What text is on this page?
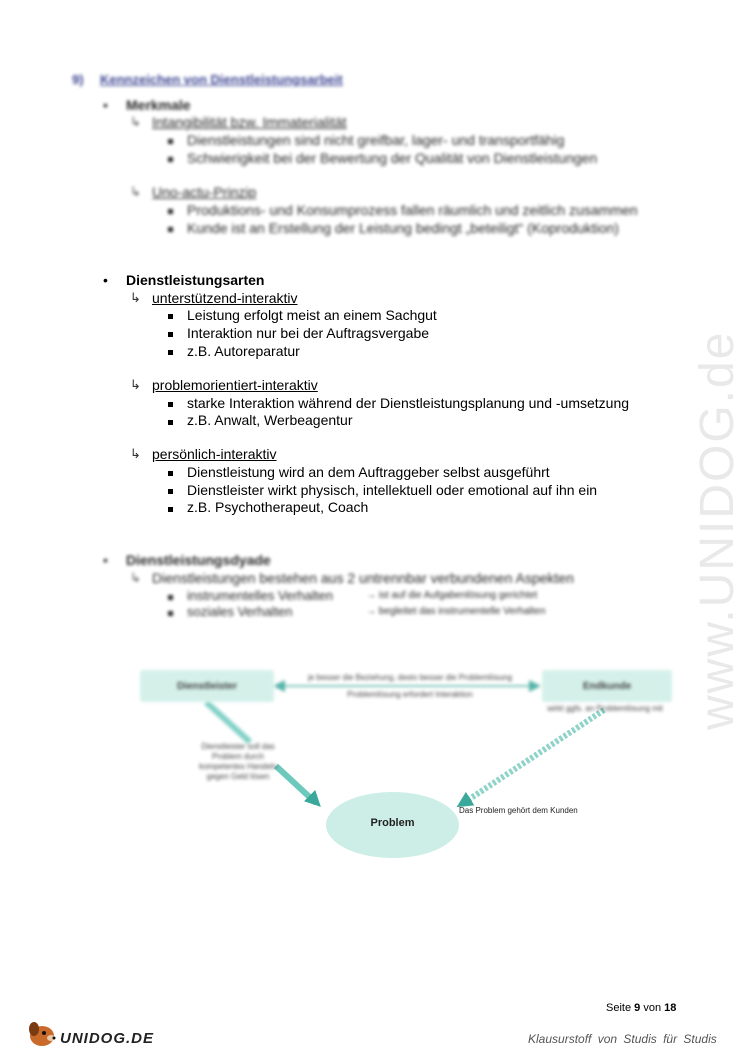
www.UNIDOG.de
9) Kennzeichen von Dienstleistungsarbeit
• Merkmale
↳ Intangibilität bzw. Immaterialität
Dienstleistungen sind nicht greifbar, lager- und transportfähig
Schwierigkeit bei der Bewertung der Qualität von Dienstleistungen
↳ Uno-actu-Prinzip
Produktions- und Konsumprozess fallen räumlich und zeitlich zusammen
Kunde ist an Erstellung der Leistung bedingt „beteiligt“ (Koproduktion)
• Dienstleistungsarten
↳ unterstützend-interaktiv
Leistung erfolgt meist an einem Sachgut
Interaktion nur bei der Auftragsvergabe
z.B. Autoreparatur
↳ problemorientiert-interaktiv
starke Interaktion während der Dienstleistungsplanung und -umsetzung
z.B. Anwalt, Werbeagentur
↳ persönlich-interaktiv
Dienstleistung wird an dem Auftraggeber selbst ausgeführt
Dienstleister wirkt physisch, intellektuell oder emotional auf ihn ein
z.B. Psychotherapeut, Coach
• Dienstleistungsdyade
↳ Dienstleistungen bestehen aus 2 untrennbar verbundenen Aspekten
instrumentelles Verhalten	→ ist auf die Aufgabenlösung gerichtet
soziales Verhalten	→ begleitet das instrumentelle Verhalten
Dienstleister	Endkunde
je besser die Beziehung, desto besser die Problemlösung
Problemlösung erfordert Interaktion
wirkt ggfs. an Problemlösung mit
Dienstleister soll das Problem durch kompetentes Handeln gegen Geld lösen
Problem
Das Problem gehört dem Kunden
Seite 9 von 18
UNIDOG.DE	Klausurstoff von Studis für Studis
